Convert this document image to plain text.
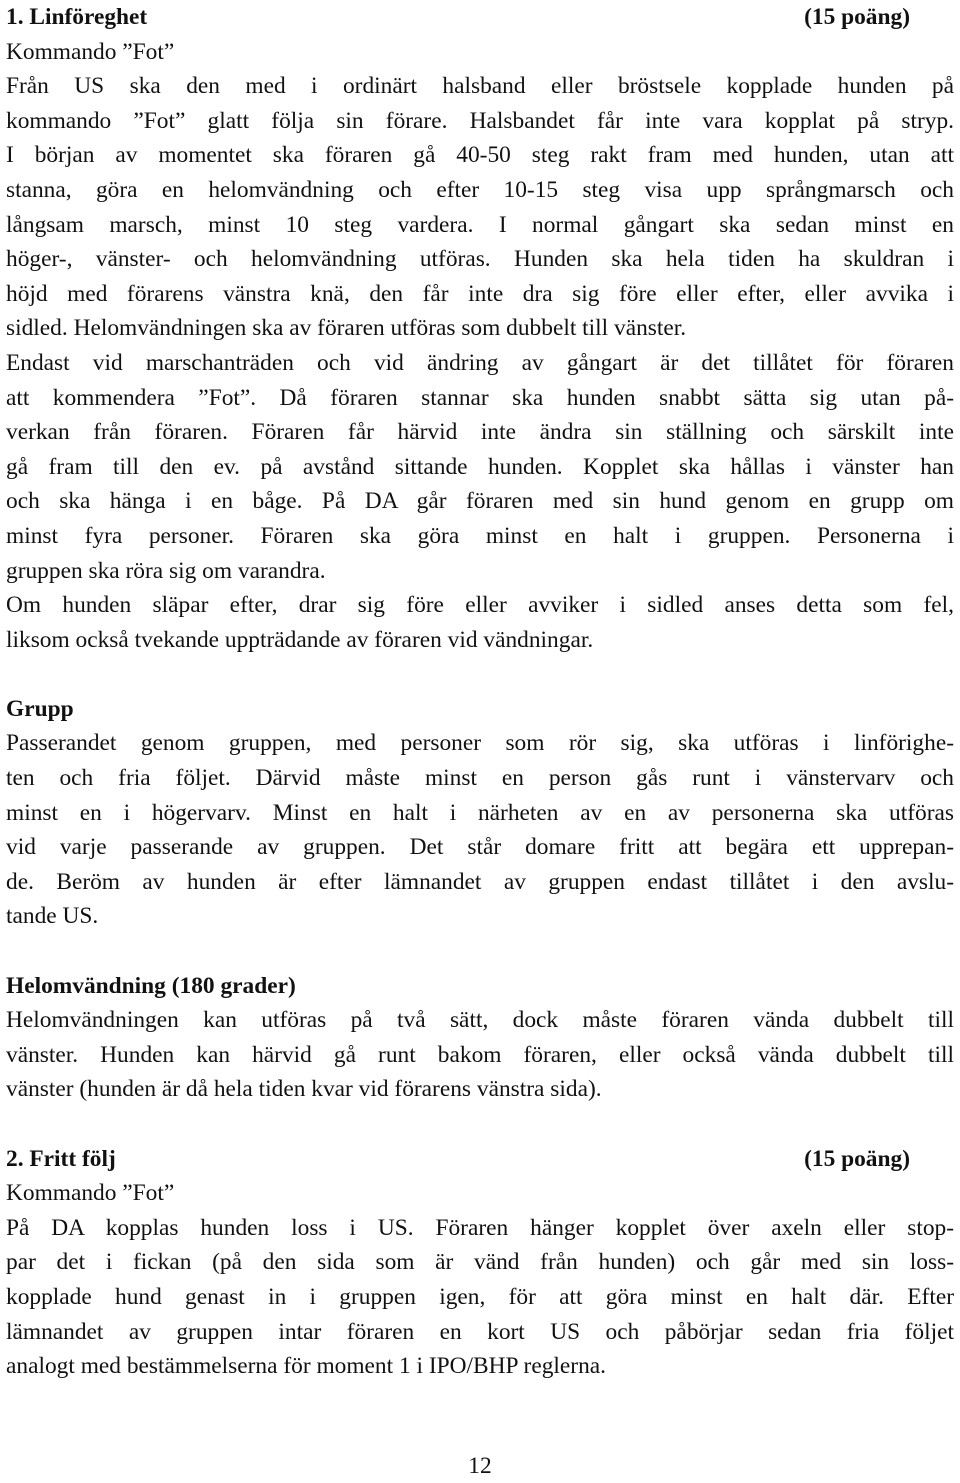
1. Linföreghet	(15 poäng)
Kommando ”Fot”
Från US ska den med i ordinärt halsband eller bröstsele kopplade hunden på
kommando ”Fot” glatt följa sin förare. Halsbandet får inte vara kopplat på stryp.
I början av momentet ska föraren gå 40-50 steg rakt fram med hunden, utan att
stanna, göra en helomvändning och efter 10-15 steg visa upp språngmarsch och
långsam marsch, minst 10 steg vardera. I normal gångart ska sedan minst en
höger-, vänster- och helomvändning utföras. Hunden ska hela tiden ha skuldran i
höjd med förarens vänstra knä, den får inte dra sig före eller efter, eller avvika i
sidled. Helomvändningen ska av föraren utföras som dubbelt till vänster.
Endast vid marschanträden och vid ändring av gångart är det tillåtet för föraren
att kommendera ”Fot”. Då föraren stannar ska hunden snabbt sätta sig utan på-
verkan från föraren. Föraren får härvid inte ändra sin ställning och särskilt inte
gå fram till den ev. på avstånd sittande hunden. Kopplet ska hållas i vänster han
och ska hänga i en båge. På DA går föraren med sin hund genom en grupp om
minst fyra personer. Föraren ska göra minst en halt i gruppen. Personerna i
gruppen ska röra sig om varandra.
Om hunden släpar efter, drar sig före eller avviker i sidled anses detta som fel,
liksom också tvekande uppträdande av föraren vid vändningar.
Grupp
Passerandet genom gruppen, med personer som rör sig, ska utföras i linförighe-
ten och fria följet. Därvid måste minst en person gås runt i vänstervarv och
minst en i högervarv. Minst en halt i närheten av en av personerna ska utföras
vid varje passerande av gruppen. Det står domare fritt att begära ett upprepan-
de. Beröm av hunden är efter lämnandet av gruppen endast tillåtet i den avslu-
tande US.
Helomvändning (180 grader)
Helomvändningen kan utföras på två sätt, dock måste föraren vända dubbelt till
vänster. Hunden kan härvid gå runt bakom föraren, eller också vända dubbelt till
vänster (hunden är då hela tiden kvar vid förarens vänstra sida).
2. Fritt följ	(15 poäng)
Kommando ”Fot”
På DA kopplas hunden loss i US. Föraren hänger kopplet över axeln eller stop-
par det i fickan (på den sida som är vänd från hunden) och går med sin loss-
kopplade hund genast in i gruppen igen, för att göra minst en halt där. Efter
lämnandet av gruppen intar föraren en kort US och påbörjar sedan fria följet
analogt med bestämmelserna för moment 1 i IPO/BHP reglerna.
12
